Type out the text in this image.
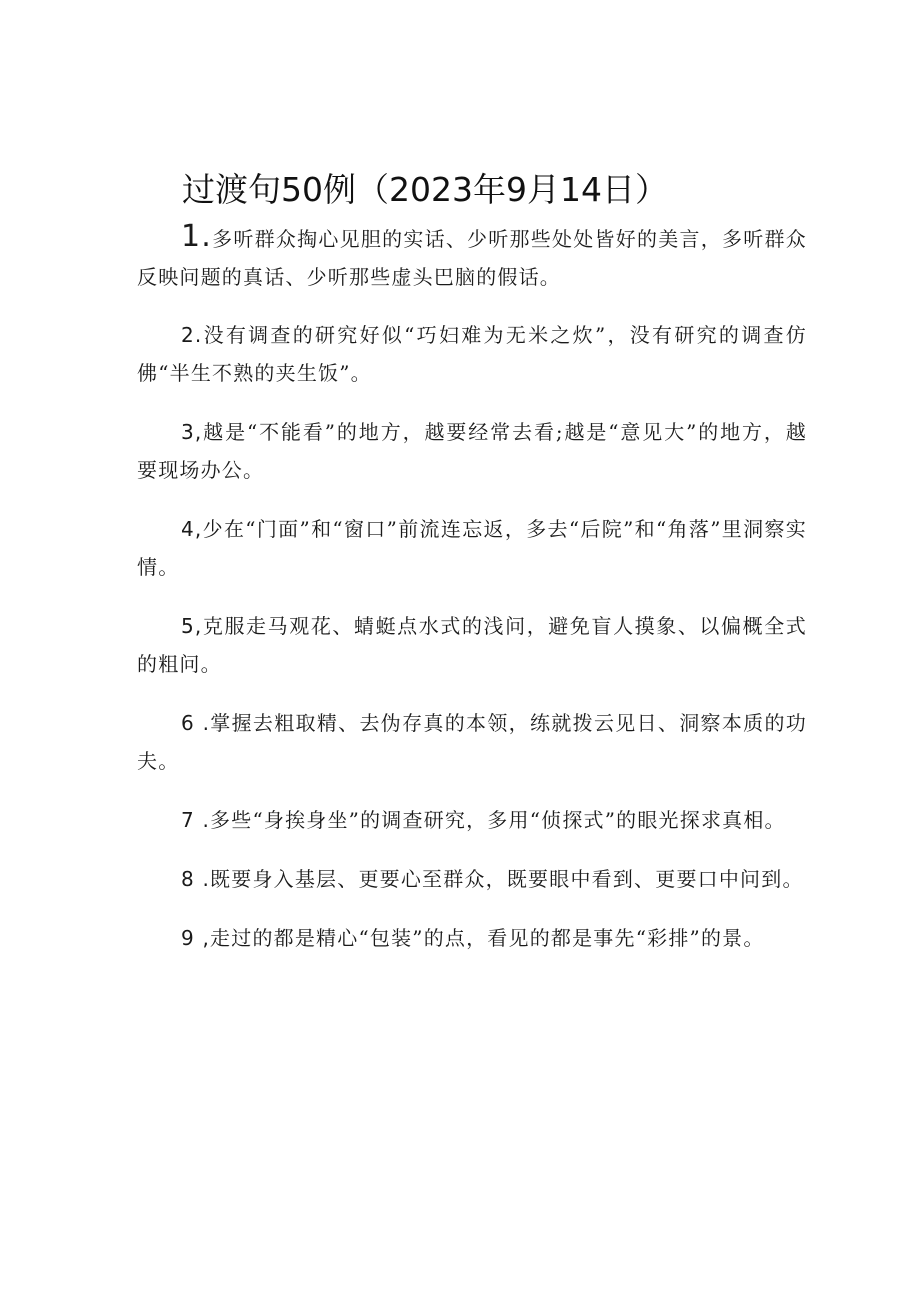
过渡句50例（2023年9月14日）

1.多听群众掏心见胆的实话、少听那些处处皆好的美言，多听群众反映问题的真话、少听那些虚头巴脑的假话。

2.没有调查的研究好似“巧妇难为无米之炊”，没有研究的调查仿佛“半生不熟的夹生饭”。

3,越是“不能看”的地方，越要经常去看;越是“意见大”的地方，越要现场办公。

4,少在“门面”和“窗口”前流连忘返，多去“后院”和“角落”里洞察实情。

5,克服走马观花、蜻蜓点水式的浅问，避免盲人摸象、以偏概全式的粗问。

6 .掌握去粗取精、去伪存真的本领，练就拨云见日、洞察本质的功夫。

7 .多些“身挨身坐”的调查研究，多用“侦探式”的眼光探求真相。

8 .既要身入基层、更要心至群众，既要眼中看到、更要口中问到。

9 ,走过的都是精心“包装”的点，看见的都是事先“彩排”的景。
